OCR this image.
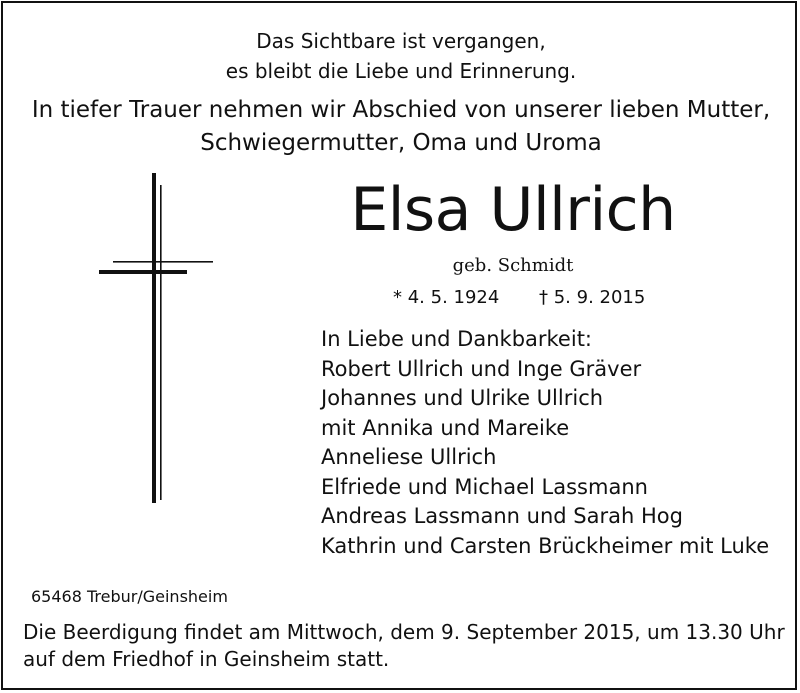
Das Sichtbare ist vergangen,

es bleibt die Liebe und Erinnerung.

In tiefer Trauer nehmen wir Abschied von unserer lieben Mutter,

Schwiegermutter, Oma und Uroma

Elsa Ullrich

geb. Schmidt

* 4. 5. 1924 † 5. 9. 2015

In Liebe und Dankbarkeit:
Robert Ullrich und Inge Gräver
Johannes und Ulrike Ullrich
mit Annika und Mareike
Anneliese Ullrich
Elfriede und Michael Lassmann
Andreas Lassmann und Sarah Hog
Kathrin und Carsten Brückheimer mit Luke

65468 Trebur/Geinsheim

Die Beerdigung findet am Mittwoch, dem 9. September 2015, um 13.30 Uhr
auf dem Friedhof in Geinsheim statt.
